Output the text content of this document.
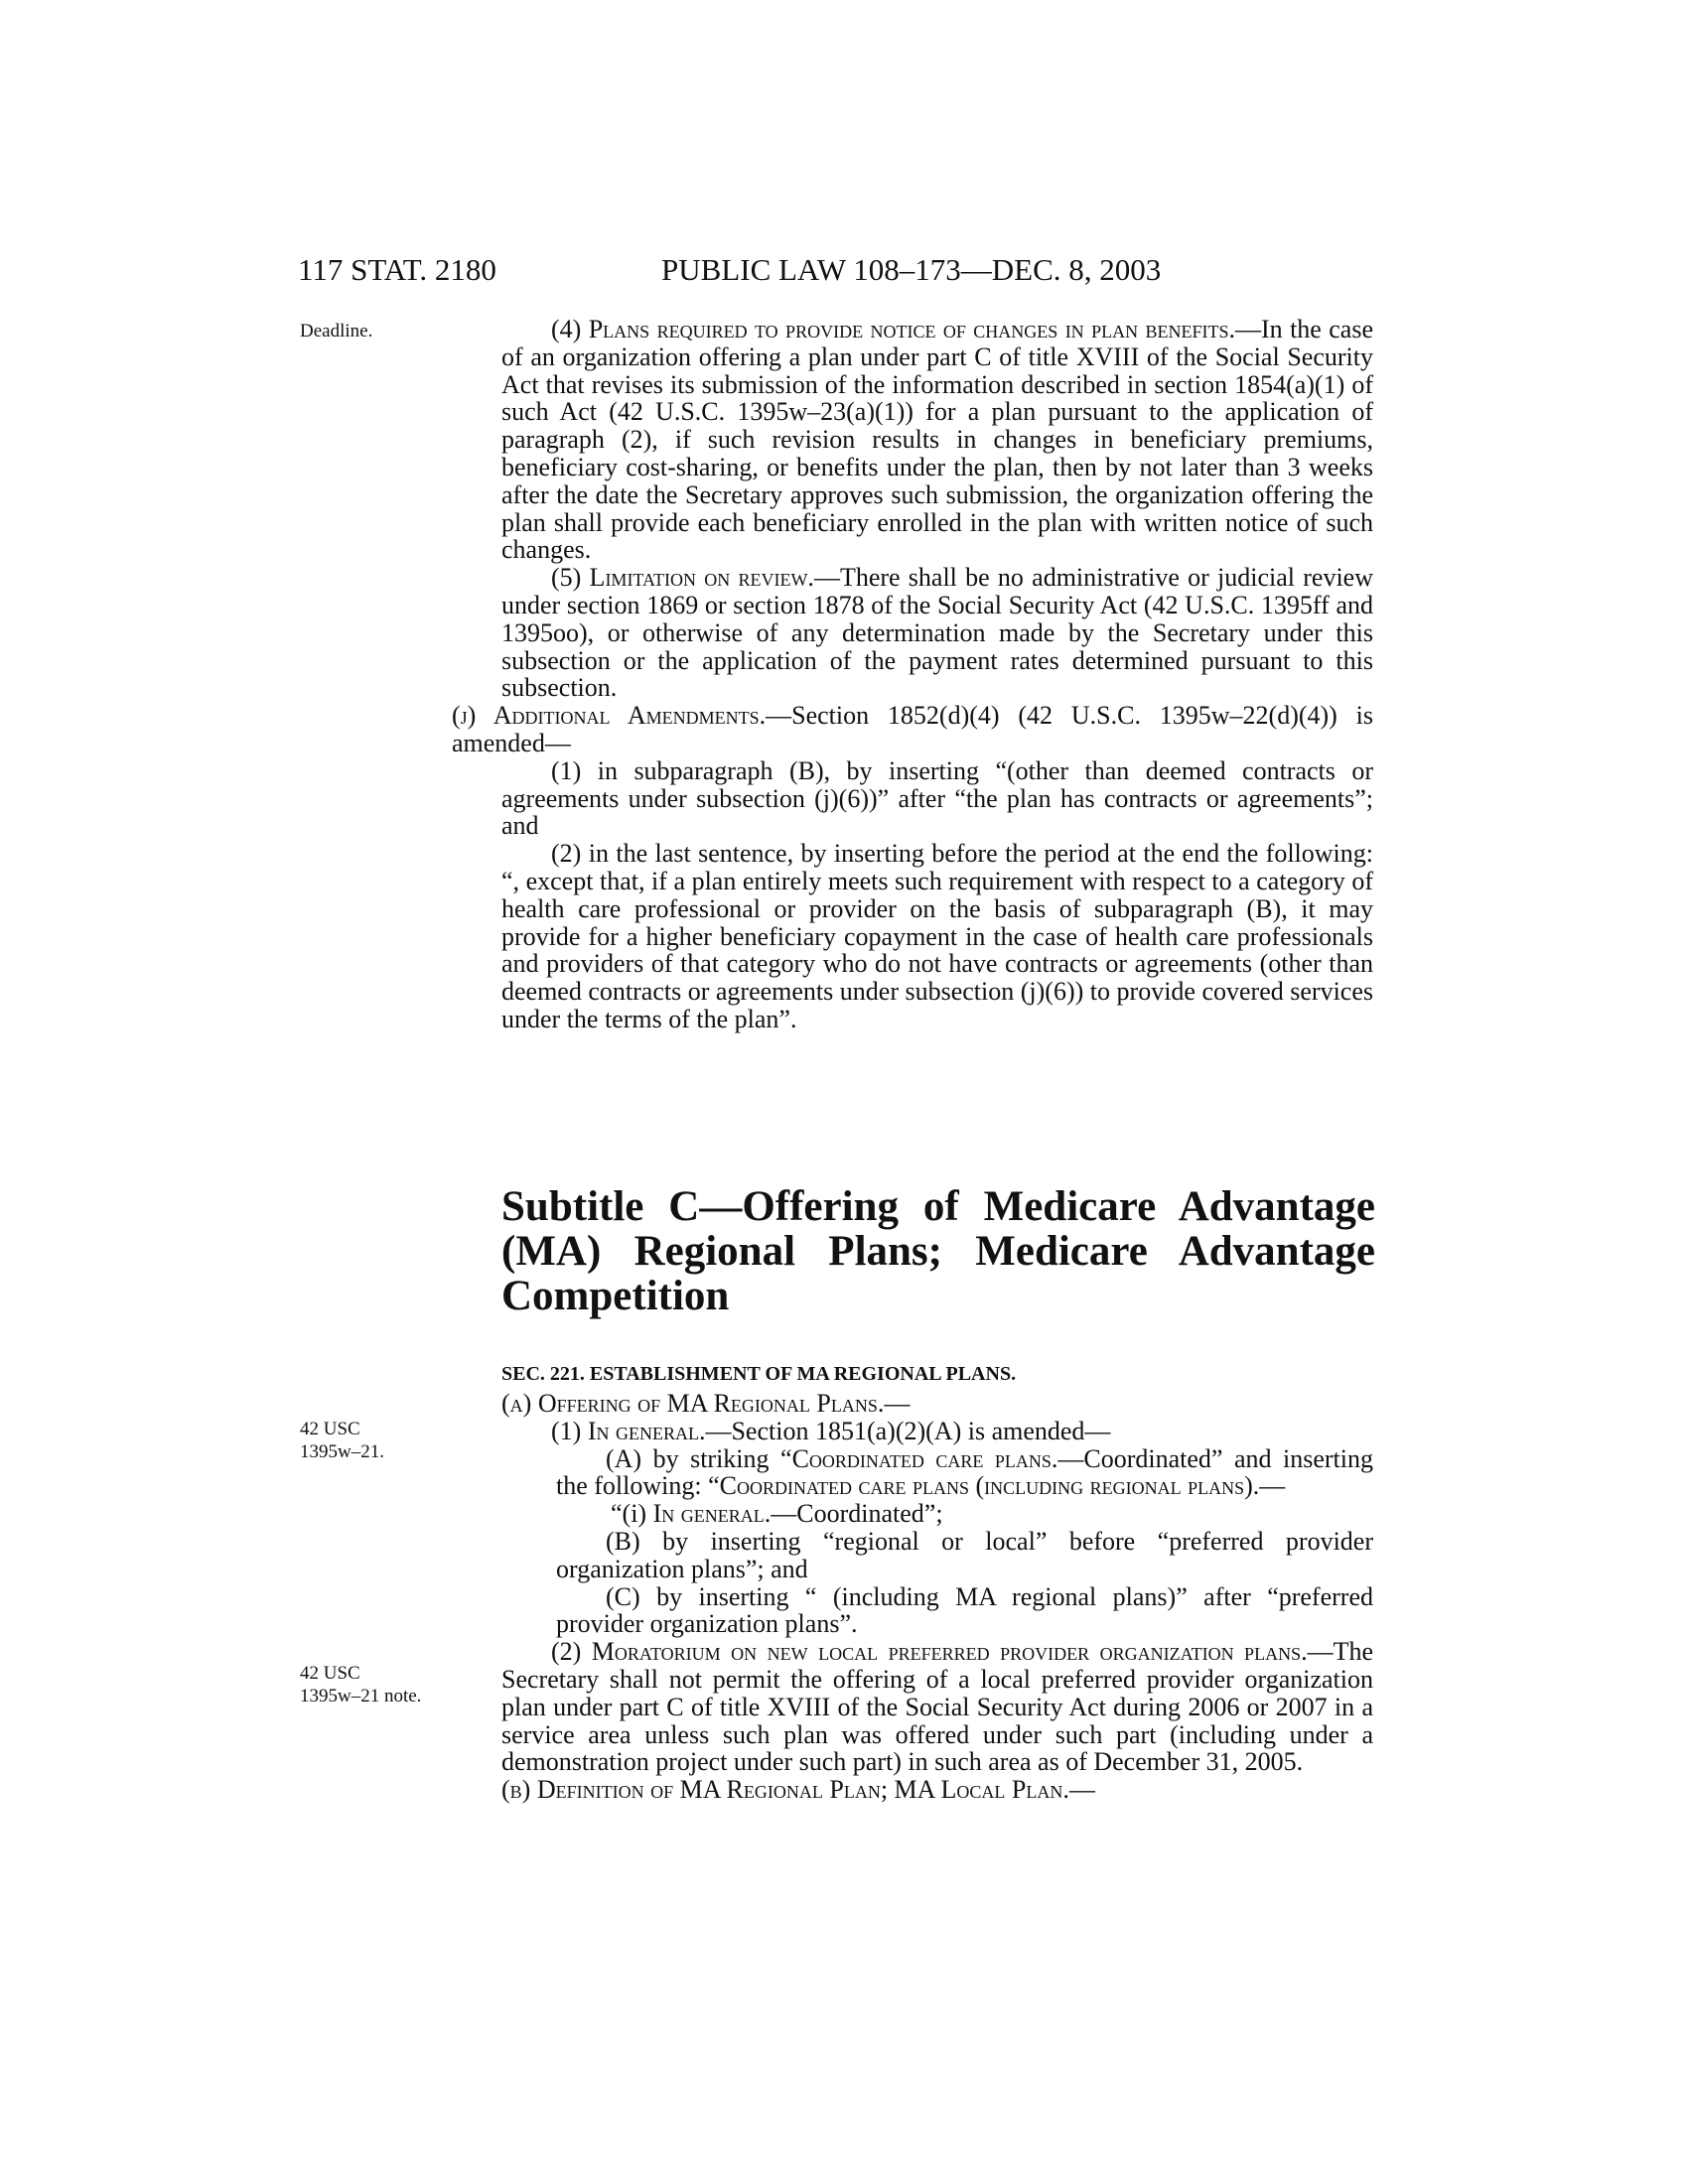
117 STAT. 2180	PUBLIC LAW 108–173—DEC. 8, 2003
Deadline.
42 USC
1395w–21.
42 USC
1395w–21 note.

(4) Plans required to provide notice of changes in plan benefits.—In the case of an organization offering a plan under part C of title XVIII of the Social Security Act that revises its submission of the information described in section 1854(a)(1) of such Act (42 U.S.C. 1395w–23(a)(1)) for a plan pursuant to the application of paragraph (2), if such revision results in changes in beneficiary premiums, beneficiary cost-sharing, or benefits under the plan, then by not later than 3 weeks after the date the Secretary approves such submission, the organization offering the plan shall provide each beneficiary enrolled in the plan with written notice of such changes.

(5) Limitation on review.—There shall be no administrative or judicial review under section 1869 or section 1878 of the Social Security Act (42 U.S.C. 1395ff and 1395oo), or otherwise of any determination made by the Secretary under this subsection or the application of the payment rates determined pursuant to this subsection.

(j) Additional Amendments.—Section 1852(d)(4) (42 U.S.C. 1395w–22(d)(4)) is amended—

(1) in subparagraph (B), by inserting “(other than deemed contracts or agreements under subsection (j)(6))” after “the plan has contracts or agreements”; and

(2) in the last sentence, by inserting before the period at the end the following: “, except that, if a plan entirely meets such requirement with respect to a category of health care professional or provider on the basis of subparagraph (B), it may provide for a higher beneficiary copayment in the case of health care professionals and providers of that category who do not have contracts or agreements (other than deemed contracts or agreements under subsection (j)(6)) to provide covered services under the terms of the plan”.

Subtitle C—Offering of Medicare Advantage (MA) Regional Plans; Medicare Advantage Competition
SEC. 221. ESTABLISHMENT OF MA REGIONAL PLANS.

(a) Offering of MA Regional Plans.—

(1) In general.—Section 1851(a)(2)(A) is amended—

(A) by striking “Coordinated care plans.—Coordinated” and inserting the following: “Coordinated care plans (including regional plans).—

“(i) In general.—Coordinated”;

(B) by inserting “regional or local” before “preferred provider organization plans”; and

(C) by inserting “ (including MA regional plans)” after “preferred provider organization plans”.

(2) Moratorium on new local preferred provider organization plans.—The Secretary shall not permit the offering of a local preferred provider organization plan under part C of title XVIII of the Social Security Act during 2006 or 2007 in a service area unless such plan was offered under such part (including under a demonstration project under such part) in such area as of December 31, 2005.

(b) Definition of MA Regional Plan; MA Local Plan.—
